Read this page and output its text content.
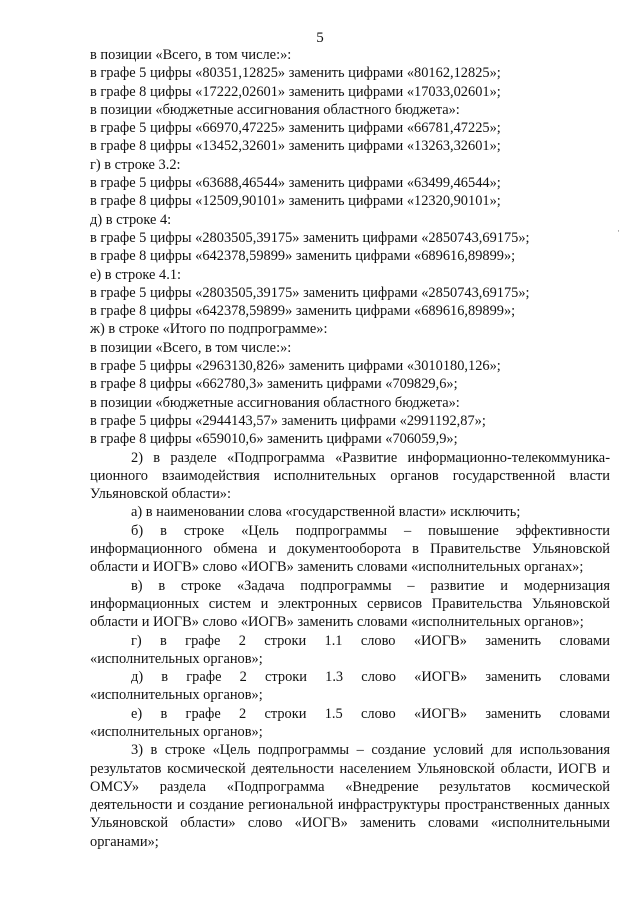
5
в позиции «Всего, в том числе:»:
в графе 5 цифры «80351,12825» заменить цифрами «80162,12825»;
в графе 8 цифры «17222,02601» заменить цифрами «17033,02601»;
в позиции «бюджетные ассигнования областного бюджета»:
в графе 5 цифры «66970,47225» заменить цифрами «66781,47225»;
в графе 8 цифры «13452,32601» заменить цифрами «13263,32601»;
г) в строке 3.2:
в графе 5 цифры «63688,46544» заменить цифрами «63499,46544»;
в графе 8 цифры «12509,90101» заменить цифрами «12320,90101»;
д) в строке 4:
в графе 5 цифры «2803505,39175» заменить цифрами «2850743,69175»;
в графе 8 цифры «642378,59899» заменить цифрами «689616,89899»;
е) в строке 4.1:
в графе 5 цифры «2803505,39175» заменить цифрами «2850743,69175»;
в графе 8 цифры «642378,59899» заменить цифрами «689616,89899»;
ж) в строке «Итого по подпрограмме»:
в позиции «Всего, в том числе:»:
в графе 5 цифры «2963130,826» заменить цифрами «3010180,126»;
в графе 8 цифры «662780,3» заменить цифрами «709829,6»;
в позиции «бюджетные ассигнования областного бюджета»:
в графе 5 цифры «2944143,57» заменить цифрами «2991192,87»;
в графе 8 цифры «659010,6» заменить цифрами «706059,9»;
2) в разделе «Подпрограмма «Развитие информационно-телекоммуника-ционного взаимодействия исполнительных органов государственной власти Ульяновской области»:
а) в наименовании слова «государственной власти» исключить;
б) в строке «Цель подпрограммы – повышение эффективности информационного обмена и документооборота в Правительстве Ульяновской области и ИОГВ» слово «ИОГВ» заменить словами «исполнительных органах»;
в) в строке «Задача подпрограммы – развитие и модернизация информационных систем и электронных сервисов Правительства Ульяновской области и ИОГВ» слово «ИОГВ» заменить словами «исполнительных органов»;
г) в графе 2 строки 1.1 слово «ИОГВ» заменить словами
«исполнительных органов»;
д) в графе 2 строки 1.3 слово «ИОГВ» заменить словами
«исполнительных органов»;
е) в графе 2 строки 1.5 слово «ИОГВ» заменить словами
«исполнительных органов»;
3) в строке «Цель подпрограммы – создание условий для использования результатов космической деятельности населением Ульяновской области, ИОГВ и ОМСУ» раздела «Подпрограмма «Внедрение результатов космической деятельности и создание региональной инфраструктуры пространственных данных Ульяновской области» слово «ИОГВ» заменить словами «исполнительными органами»;
·
